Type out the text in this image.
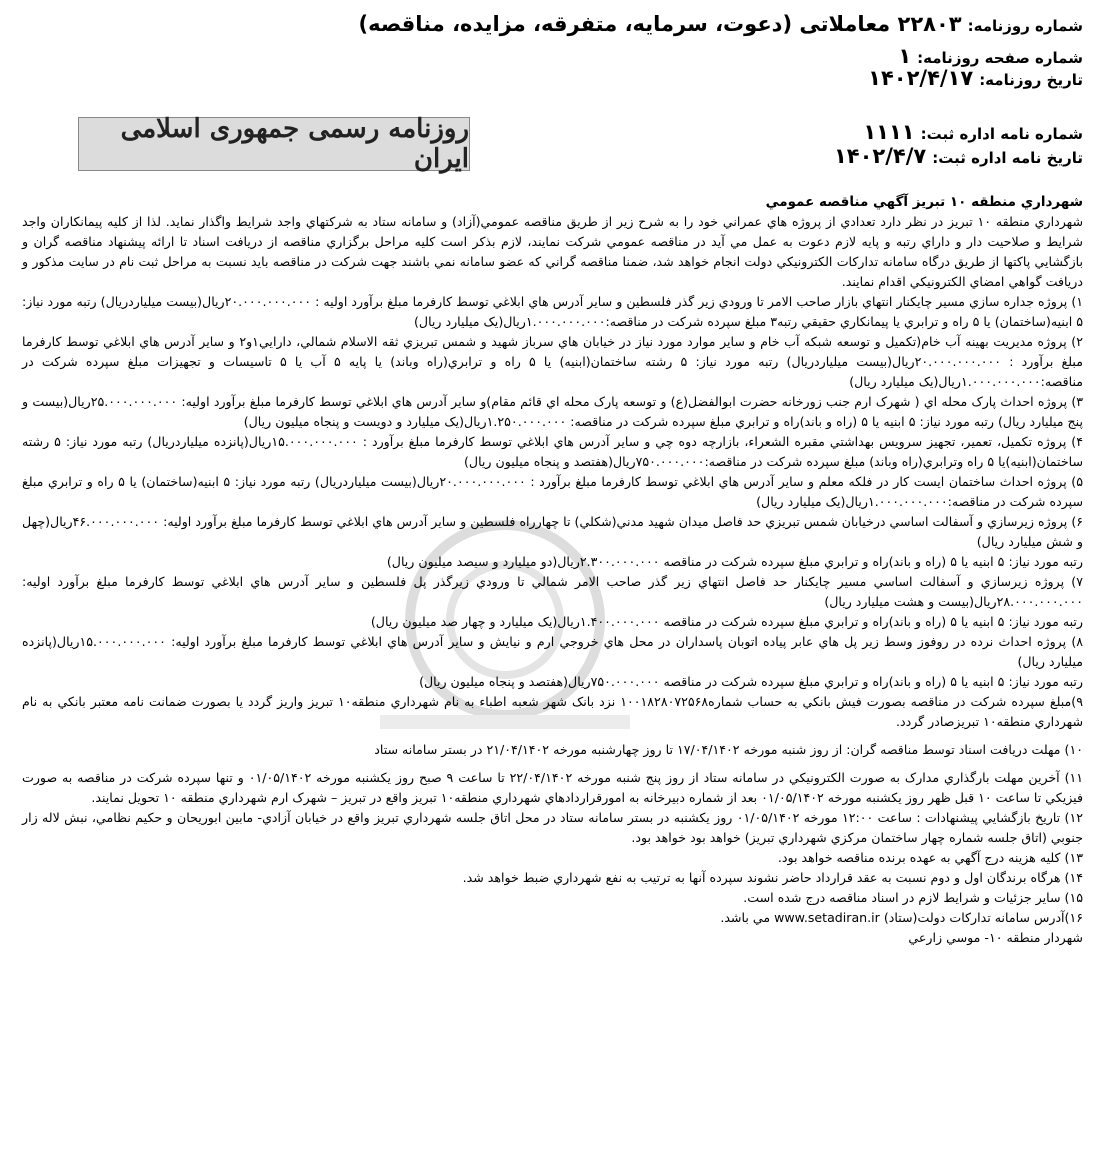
شماره روزنامه:۲۲۸۰۳ معاملاتی (دعوت، سرمایه، متفرقه، مزایده، مناقصه)
شماره صفحه روزنامه:۱
تاریخ روزنامه:۱۴۰۲/۴/۱۷
شماره نامه اداره ثبت:۱۱۱۱
تاریخ نامه اداره ثبت:۱۴۰۲/۴/۷
روزنامه رسمی جمهوری اسلامی ایران

شهرداري منطقه ۱۰ تبريز آگهي مناقصه عمومي

شهرداري منطقه ۱۰ تبريز در نظر دارد تعدادي از پروژه هاي عمراني خود را به شرح زير از طريق مناقصه عمومي(آزاد) و سامانه ستاد به شركتهاي واجد شرايط واگذار نمايد. لذا از كليه پيمانكاران واجد شرايط و صلاحيت دار و داراي رتبه و پايه لازم دعوت به عمل مي آيد در مناقصه عمومي شركت نمايند، لازم بذكر است كليه مراحل برگزاري مناقصه از دريافت اسناد تا ارائه پيشنهاد مناقصه گران و بازگشايي پاكتها از طريق درگاه سامانه تداركات الكترونيكي دولت انجام خواهد شد، ضمنا مناقصه گراني كه عضو سامانه نمي باشند جهت شركت در مناقصه بايد نسبت به مراحل ثبت نام در سايت مذكور و دريافت گواهي امضاي الكترونيكي اقدام نمايند.

۱) پروژه جداره سازي مسير چايكنار انتهاي بازار صاحب الامر تا ورودي زير گذر فلسطين و ساير آدرس هاي ابلاغي توسط كارفرما مبلغ برآورد اوليه : ۲۰.۰۰۰.۰۰۰.۰۰۰ريال(بيست ميلياردريال) رتبه مورد نياز: ۵ ابنيه(ساختمان) يا ۵ راه و ترابري يا پيمانكاري حقيقي رتبه۳ مبلغ سپرده شركت در مناقصه:۱.۰۰۰.۰۰۰.۰۰۰ريال(يک ميليارد ريال)

۲) پروژه مديريت بهينه آب خام(تكميل و توسعه شبكه آب خام و ساير موارد مورد نياز در خيابان هاي سرباز شهيد و شمس تبريزي ثقه الاسلام شمالي، دارايي۱و۲ و ساير آدرس هاي ابلاغي توسط كارفرما مبلغ برآورد : ۲۰.۰۰۰.۰۰۰.۰۰۰ريال(بيست ميلياردريال) رتبه مورد نياز: ۵ رشته ساختمان(ابنيه) يا ۵ راه و ترابري(راه وباند) يا پايه ۵ آب يا ۵ تاسيسات و تجهيزات مبلغ سپرده شركت در مناقصه:۱.۰۰۰.۰۰۰.۰۰۰ريال(يک ميليارد ريال)

۳) پروژه احداث پارک محله اي ( شهرک ارم جنب زورخانه حضرت ابوالفضل(ع) و توسعه پارک محله اي قائم مقام)و ساير آدرس هاي ابلاغي توسط كارفرما مبلغ برآورد اوليه: ۲۵.۰۰۰.۰۰۰.۰۰۰ريال(بيست و پنج ميليارد ريال) رتبه مورد نياز: ۵ ابنيه يا ۵ (راه و باند)راه و ترابري مبلغ سپرده شركت در مناقصه: ۱.۲۵۰.۰۰۰.۰۰۰ريال(يک ميليارد و دويست و پنجاه ميليون ريال)

۴) پروژه تكميل، تعمير، تجهيز سرويس بهداشتي مقبره الشعراء، بازارچه دوه چي و ساير آدرس هاي ابلاغي توسط كارفرما مبلغ برآورد : ۱۵.۰۰۰.۰۰۰.۰۰۰ريال(پانزده ميلياردريال) رتبه مورد نياز: ۵ رشته ساختمان(ابنيه)يا ۵ راه وترابري(راه وباند) مبلغ سپرده شركت در مناقصه:۷۵۰.۰۰۰.۰۰۰ريال(هفتصد و پنجاه ميليون ريال)

۵) پروژه احداث ساختمان ايست كار در فلكه معلم و ساير آدرس هاي ابلاغي توسط كارفرما مبلغ برآورد : ۲۰.۰۰۰.۰۰۰.۰۰۰ريال(بيست ميلياردريال) رتبه مورد نياز: ۵ ابنيه(ساختمان) يا ۵ راه و ترابري مبلغ سپرده شركت در مناقصه:۱.۰۰۰.۰۰۰.۰۰۰ريال(يک ميليارد ريال)

۶) پروژه زيرسازي و آسفالت اساسي درخيابان شمس تبريزي حد فاصل ميدان شهيد مدني(شكلي) تا چهارراه فلسطين و ساير آدرس هاي ابلاغي توسط كارفرما مبلغ برآورد اوليه: ۴۶.۰۰۰.۰۰۰.۰۰۰ريال(چهل و شش ميليارد ريال)

رتبه مورد نياز: ۵ ابنيه يا ۵ (راه و باند)راه و ترابري مبلغ سپرده شركت در مناقصه ۲.۳۰۰.۰۰۰.۰۰۰ريال(دو ميليارد و سيصد ميليون ريال)

۷) پروژه زيرسازي و آسفالت اساسي مسير چايكنار حد فاصل انتهاي زير گذر صاحب الامر شمالي تا ورودي زيرگذر پل فلسطين و ساير آدرس هاي ابلاغي توسط كارفرما مبلغ برآورد اوليه: ۲۸.۰۰۰.۰۰۰.۰۰۰ريال(بيست و هشت ميليارد ريال)

رتبه مورد نياز: ۵ ابنيه يا ۵ (راه و باند)راه و ترابري مبلغ سپرده شركت در مناقصه ۱.۴۰۰.۰۰۰.۰۰۰ريال(يک ميليارد و چهار صد ميليون ريال)

۸) پروژه احداث نرده در روفوز وسط زير پل هاي عابر پياده اتوبان پاسداران در محل هاي خروجي ارم و نيايش و ساير آدرس هاي ابلاغي توسط كارفرما مبلغ برآورد اوليه: ۱۵.۰۰۰.۰۰۰.۰۰۰ريال(پانزده ميليارد ريال)

رتبه مورد نياز: ۵ ابنيه يا ۵ (راه و باند)راه و ترابري مبلغ سپرده شركت در مناقصه ۷۵۰.۰۰۰.۰۰۰ريال(هفتصد و پنجاه ميليون ريال)

۹)مبلغ سپرده شركت در مناقصه بصورت فيش بانكي به حساب شماره۱۰۰۱۸۲۸۰۷۲۵۶۸ نزد بانک شهر شعبه اطباء به نام شهرداري منطقه۱۰ تبريز واريز گردد يا بصورت ضمانت نامه معتبر بانكي به نام شهرداري منطقه۱۰ تبريزصادر گردد.

۱۰) مهلت دريافت اسناد توسط مناقصه گران: از روز شنبه مورخه ۱۷/۰۴/۱۴۰۲ تا روز چهارشنبه مورخه ۲۱/۰۴/۱۴۰۲ در بستر سامانه ستاد

۱۱) آخرين مهلت بارگذاري مدارک به صورت الكترونيكي در سامانه ستاد از روز پنج شنبه مورخه ۲۲/۰۴/۱۴۰۲ تا ساعت ۹ صبح روز يكشنبه مورخه ۰۱/۰۵/۱۴۰۲ و تنها سپرده شركت در مناقصه به صورت فيزيكي تا ساعت ۱۰ قبل ظهر روز يكشنبه مورخه ۰۱/۰۵/۱۴۰۲ بعد از شماره دبيرخانه به امورقراردادهاي شهرداري منطقه۱۰ تبريز واقع در تبريز – شهرک ارم شهرداري منطقه ۱۰ تحويل نمايند.

۱۲) تاريخ بازگشايي پيشنهادات : ساعت ۱۲:۰۰ مورخه ۰۱/۰۵/۱۴۰۲ روز يكشنبه در بستر سامانه ستاد در محل اتاق جلسه شهرداري تبريز واقع در خيابان آزادي- مابين ابوريحان و حكيم نظامي، نبش لاله زار جنوبي (اتاق جلسه شماره چهار ساختمان مركزي شهرداري تبريز) خواهد بود خواهد بود.

۱۳) كليه هزينه درج آگهي به عهده برنده مناقصه خواهد بود.

۱۴) هرگاه برندگان اول و دوم نسبت به عقد قرارداد حاضر نشوند سپرده آنها به ترتيب به نفع شهرداري ضبط خواهد شد.

۱۵) ساير جزئيات و شرايط لازم در اسناد مناقصه درج شده است.

۱۶)آدرس سامانه تداركات دولت(ستاد) www.setadiran.ir مي باشد.

شهردار منطقه ۱۰- موسي زارعي
